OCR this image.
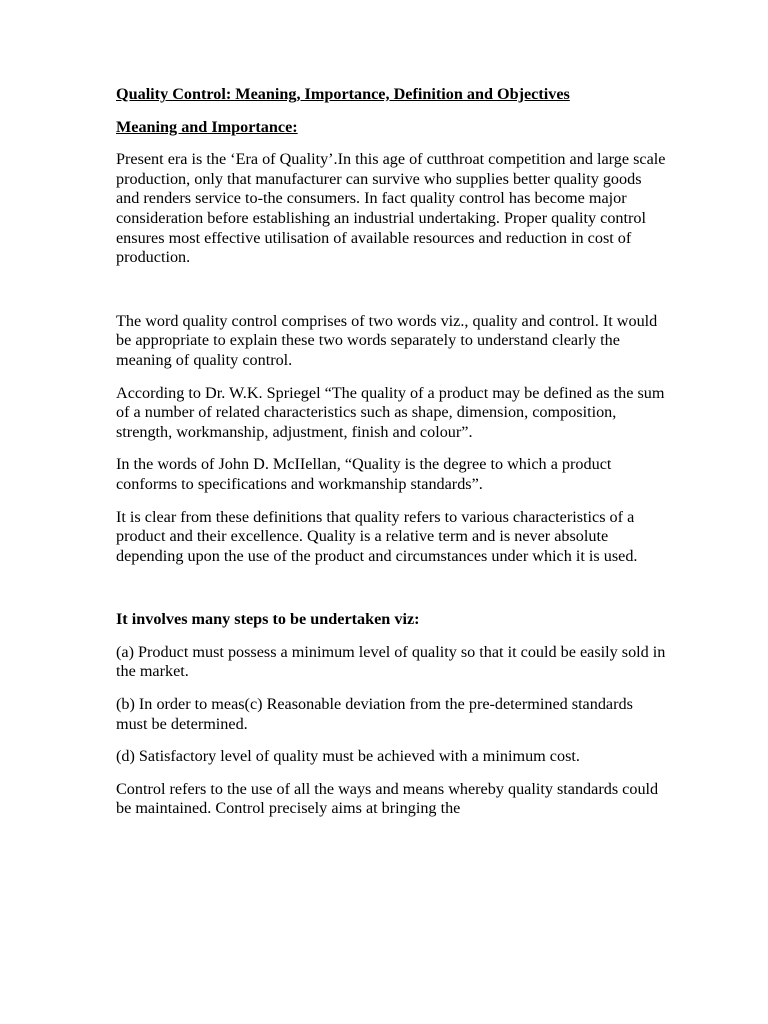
Quality Control: Meaning, Importance, Definition and Objectives
Meaning and Importance:

Present era is the ‘Era of Quality’.In this age of cutthroat competition and large scale production, only that manufacturer can survive who supplies better quality goods and renders service to-the consumers. In fact quality control has become major consideration before establishing an industrial undertaking. Proper quality control ensures most effective utilisation of available resources and reduction in cost of production.

The word quality control comprises of two words viz., quality and control. It would be appropriate to explain these two words separately to understand clearly the meaning of quality control.

According to Dr. W.K. Spriegel “The quality of a product may be defined as the sum of a number of related characteristics such as shape, dimension, composition, strength, workmanship, adjustment, finish and colour”.

In the words of John D. McIIellan, “Quality is the degree to which a product conforms to specifications and workmanship standards”.

It is clear from these definitions that quality refers to various characteristics of a product and their excellence. Quality is a relative term and is never absolute depending upon the use of the product and circumstances under which it is used.

It involves many steps to be undertaken viz:

(a) Product must possess a minimum level of quality so that it could be easily sold in the market.

(b) In order to meas(c) Reasonable deviation from the pre-determined standards must be determined.

(d) Satisfactory level of quality must be achieved with a minimum cost.

Control refers to the use of all the ways and means whereby quality standards could be maintained. Control precisely aims at bringing the
